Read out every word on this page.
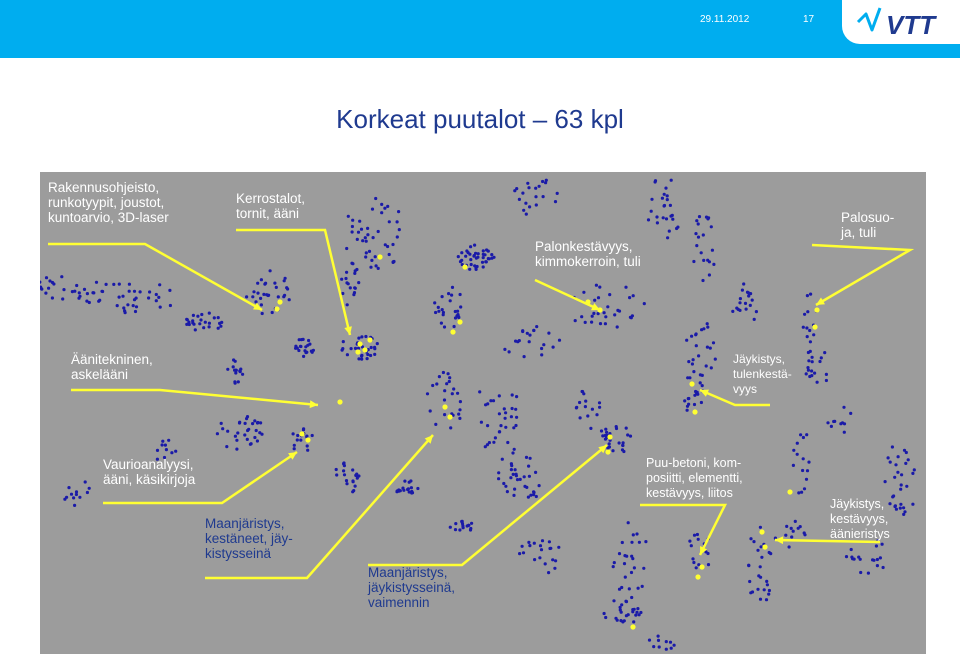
29.11.2012	17	VTT
Korkeat puutalot – 63 kpl
Rakennusohjeisto,
runkotyypit, joustot,
kuntoarvio, 3D-laser
Kerrostalot,
tornit, ääni
Palonkestävyys,
kimmokerroin, tuli
Palosuo-
ja, tuli
Äänitekninen,
askelääni
Jäykistys,
tulenkestä-
vyys
Vaurioanalyysi,
ääni, käsikirjoja
Maanjäristys,
kestäneet, jäy-
kistysseinä
Maanjäristys,
jäykistysseinä,
vaimennin
Puu-betoni, kom-
posiitti, elementti,
kestävyys, liitos
Jäykistys,
kestävyys,
äänieristys
